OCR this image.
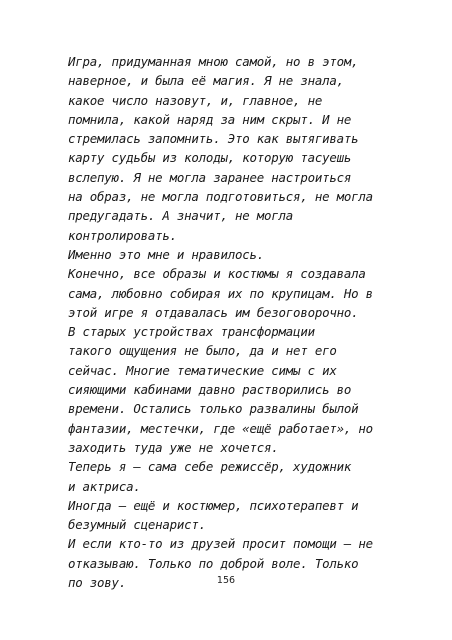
Игра, придуманная мною самой, но в этом,
наверное, и была её магия. Я не знала,
какое число назовут, и, главное, не
помнила, какой наряд за ним скрыт. И не
стремилась запомнить. Это как вытягивать
карту судьбы из колоды, которую тасуешь
вслепую. Я не могла заранее настроиться
на образ, не могла подготовиться, не могла
предугадать. А значит, не могла
контролировать.
Именно это мне и нравилось.
Конечно, все образы и костюмы я создавала
сама, любовно собирая их по крупицам. Но в
этой игре я отдавалась им безоговорочно.
В старых устройствах трансформации
такого ощущения не было, да и нет его
сейчас. Многие тематические симы с их
сияющими кабинами давно растворились во
времени. Остались только развалины былой
фантазии, местечки, где «ещё работает», но
заходить туда уже не хочется.
Теперь я – сама себе режиссёр, художник
и актриса.
Иногда – ещё и костюмер, психотерапевт и
безумный сценарист.
И если кто-то из друзей просит помощи – не
отказываю. Только по доброй воле. Только
по зову.	156
